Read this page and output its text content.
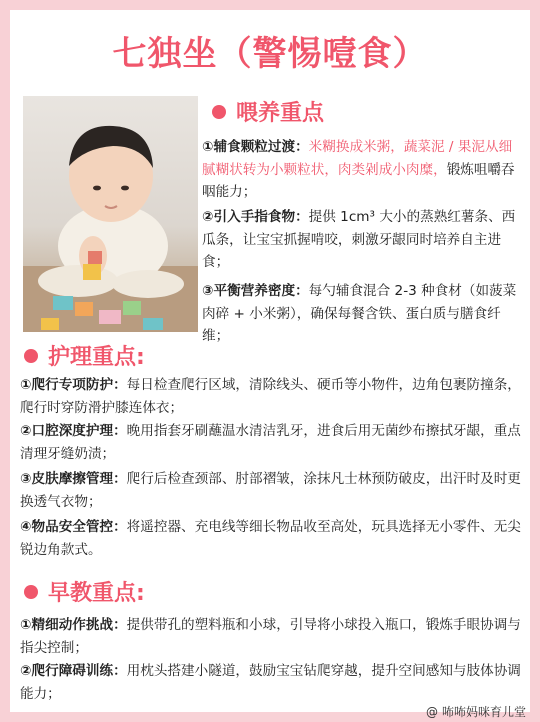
七独坐（警惕噎食）
喂养重点
①辅食颗粒过渡：米糊换成米粥，蔬菜泥 / 果泥从细腻糊状转为小颗粒状，肉类剁成小肉糜，锻炼咀嚼吞咽能力；
②引入手指食物：提供 1cm³ 大小的蒸熟红薯条、西瓜条，让宝宝抓握啃咬，刺激牙龈同时培养自主进食；
③平衡营养密度：每勺辅食混合 2-3 种食材（如菠菜肉碎 + 小米粥），确保每餐含铁、蛋白质与膳食纤维；
护理重点:
①爬行专项防护：每日检查爬行区域，清除线头、硬币等小物件，边角包裹防撞条，爬行时穿防滑护膝连体衣；
②口腔深度护理：晚用指套牙刷蘸温水清洁乳牙，进食后用无菌纱布擦拭牙龈，重点清理牙缝奶渍；
③皮肤摩擦管理：爬行后检查颈部、肘部褶皱，涂抹凡士林预防破皮，出汗时及时更换透气衣物；
④物品安全管控：将遥控器、充电线等细长物品收至高处，玩具选择无小零件、无尖锐边角款式。
早教重点:
①精细动作挑战：提供带孔的塑料瓶和小球，引导将小球投入瓶口，锻炼手眼协调与指尖控制；
②爬行障碍训练：用枕头搭建小隧道，鼓励宝宝钻爬穿越，提升空间感知与肢体协调能力；
@ 咘咘妈咪育儿堂
